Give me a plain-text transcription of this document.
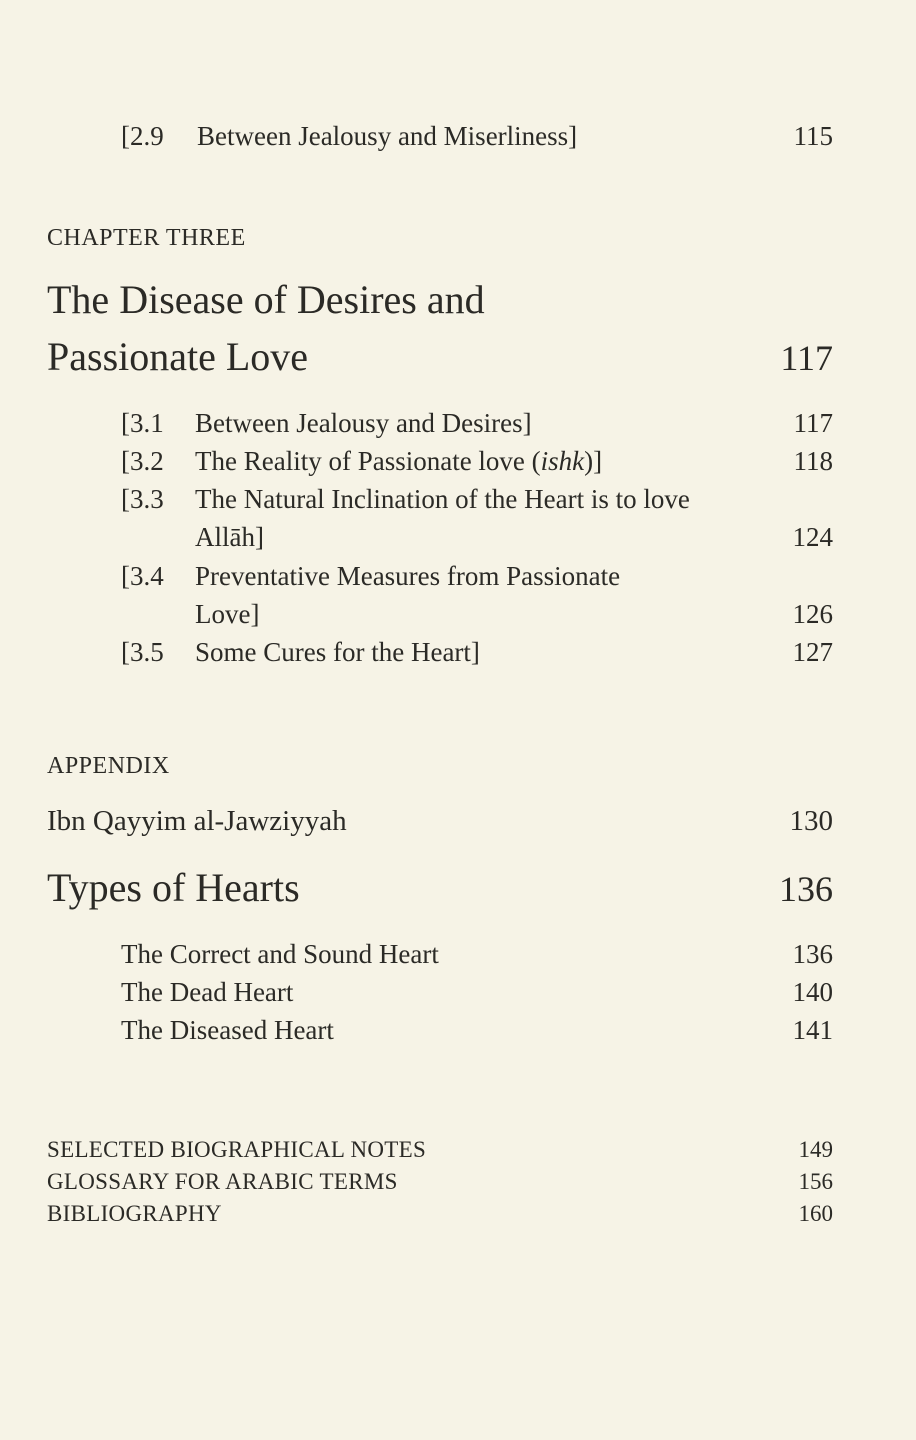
[2.9 Between Jealousy and Miserliness]	115
CHAPTER THREE
The Disease of Desires and
Passionate Love	117
[3.1 Between Jealousy and Desires]	117
[3.2 The Reality of Passionate love (ishk)]	118
[3.3 The Natural Inclination of the Heart is to love
Allāh]	124
[3.4 Preventative Measures from Passionate
Love]	126
[3.5 Some Cures for the Heart]	127
APPENDIX
Ibn Qayyim al-Jawziyyah	130
Types of Hearts	136
The Correct and Sound Heart	136
The Dead Heart	140
The Diseased Heart	141
SELECTED BIOGRAPHICAL NOTES	149
GLOSSARY FOR ARABIC TERMS	156
BIBLIOGRAPHY	160
